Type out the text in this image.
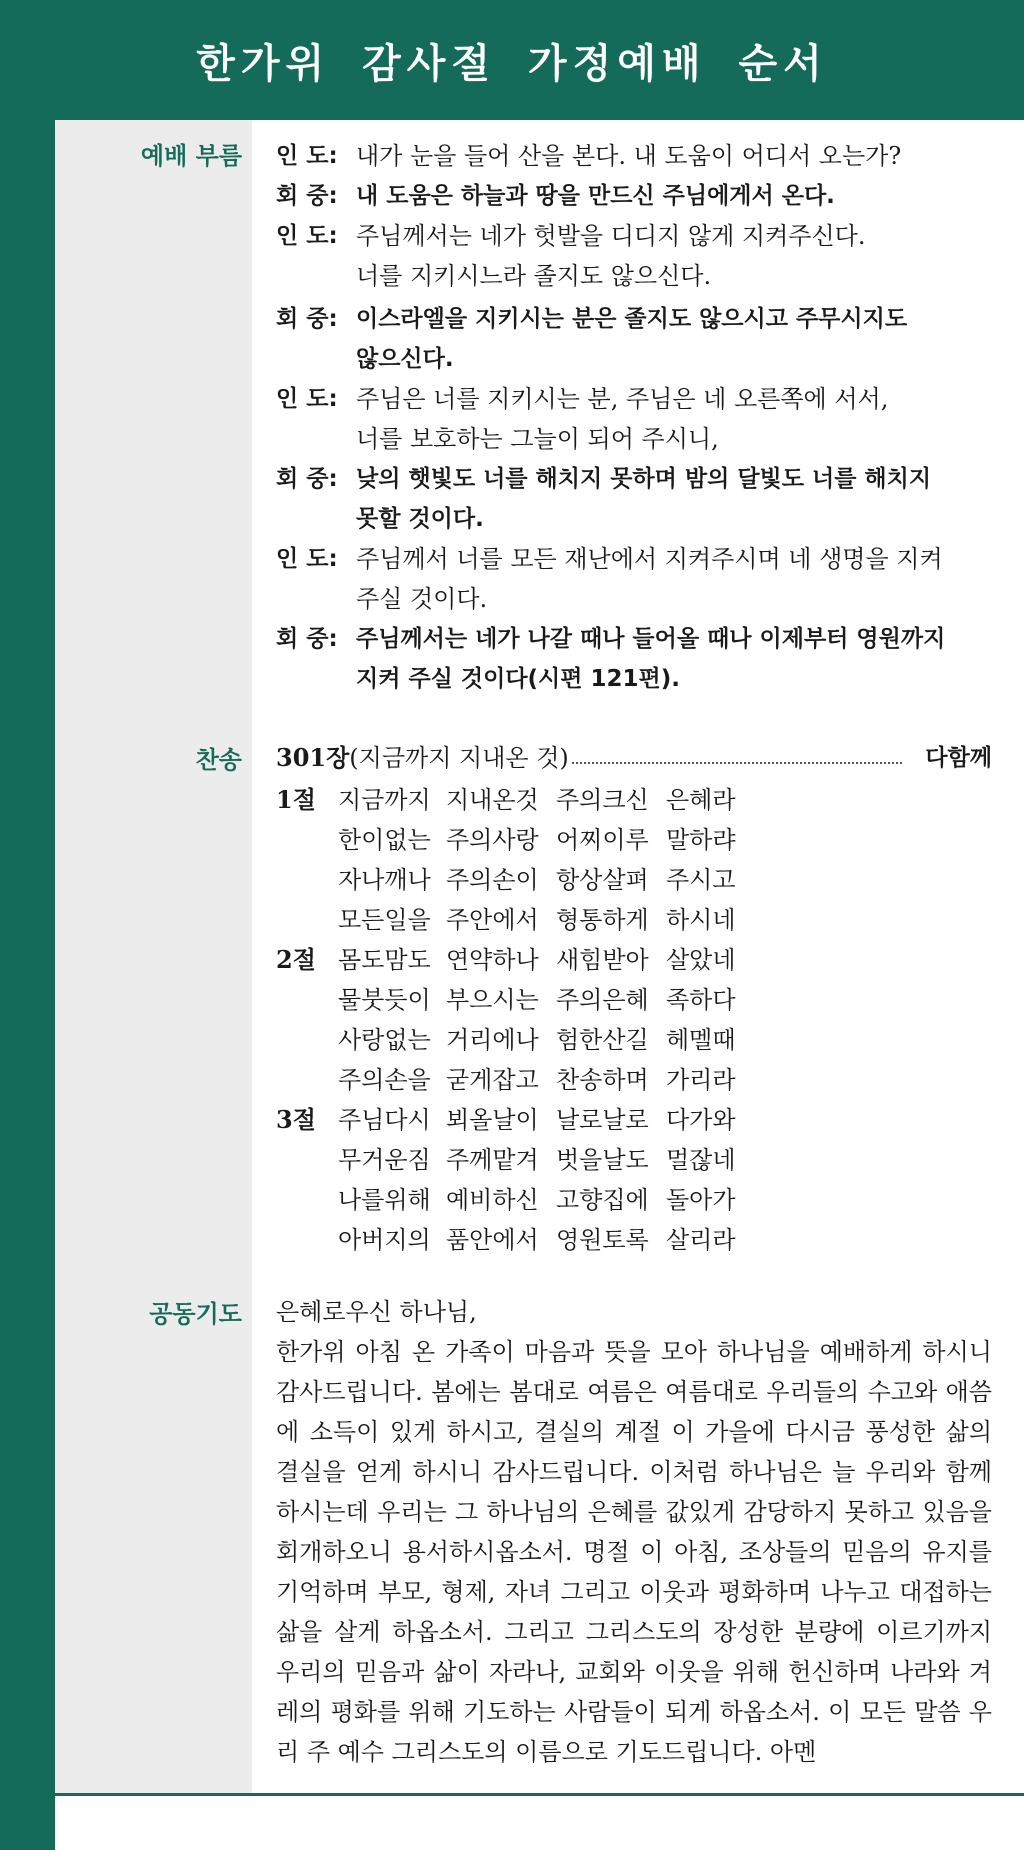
한가위 감사절 가정예배 순서
예배 부름
찬송
공동기도
인 도: 내가 눈을 들어 산을 본다. 내 도움이 어디서 오는가?
회 중: 내 도움은 하늘과 땅을 만드신 주님에게서 온다.
인 도: 주님께서는 네가 헛발을 디디지 않게 지켜주신다.
너를 지키시느라 졸지도 않으신다.
회 중: 이스라엘을 지키시는 분은 졸지도 않으시고 주무시지도
않으신다.
인 도: 주님은 너를 지키시는 분, 주님은 네 오른쪽에 서서,
너를 보호하는 그늘이 되어 주시니,
회 중: 낮의 햇빛도 너를 해치지 못하며 밤의 달빛도 너를 해치지
못할 것이다.
인 도: 주님께서 너를 모든 재난에서 지켜주시며 네 생명을 지켜
주실 것이다.
회 중: 주님께서는 네가 나갈 때나 들어올 때나 이제부터 영원까지
지켜 주실 것이다(시편 121편).
301장(지금까지 지내온 것)	다함께
1절 지금까지 지내온것 주의크신 은혜라
한이없는 주의사랑 어찌이루 말하랴
자나깨나 주의손이 항상살펴 주시고
모든일을 주안에서 형통하게 하시네
2절 몸도맘도 연약하나 새힘받아 살았네
물붓듯이 부으시는 주의은혜 족하다
사랑없는 거리에나 험한산길 헤멜때
주의손을 굳게잡고 찬송하며 가리라
3절 주님다시 뵈올날이 날로날로 다가와
무거운짐 주께맡겨 벗을날도 멀잖네
나를위해 예비하신 고향집에 돌아가
아버지의 품안에서 영원토록 살리라
은혜로우신 하나님,
한가위 아침 온 가족이 마음과 뜻을 모아 하나님을 예배하게 하시니
감사드립니다. 봄에는 봄대로 여름은 여름대로 우리들의 수고와 애씀
에 소득이 있게 하시고, 결실의 계절 이 가을에 다시금 풍성한 삶의
결실을 얻게 하시니 감사드립니다. 이처럼 하나님은 늘 우리와 함께
하시는데 우리는 그 하나님의 은혜를 값있게 감당하지 못하고 있음을
회개하오니 용서하시옵소서. 명절 이 아침, 조상들의 믿음의 유지를
기억하며 부모, 형제, 자녀 그리고 이웃과 평화하며 나누고 대접하는
삶을 살게 하옵소서. 그리고 그리스도의 장성한 분량에 이르기까지
우리의 믿음과 삶이 자라나, 교회와 이웃을 위해 헌신하며 나라와 겨
레의 평화를 위해 기도하는 사람들이 되게 하옵소서. 이 모든 말씀 우
리 주 예수 그리스도의 이름으로 기도드립니다. 아멘
